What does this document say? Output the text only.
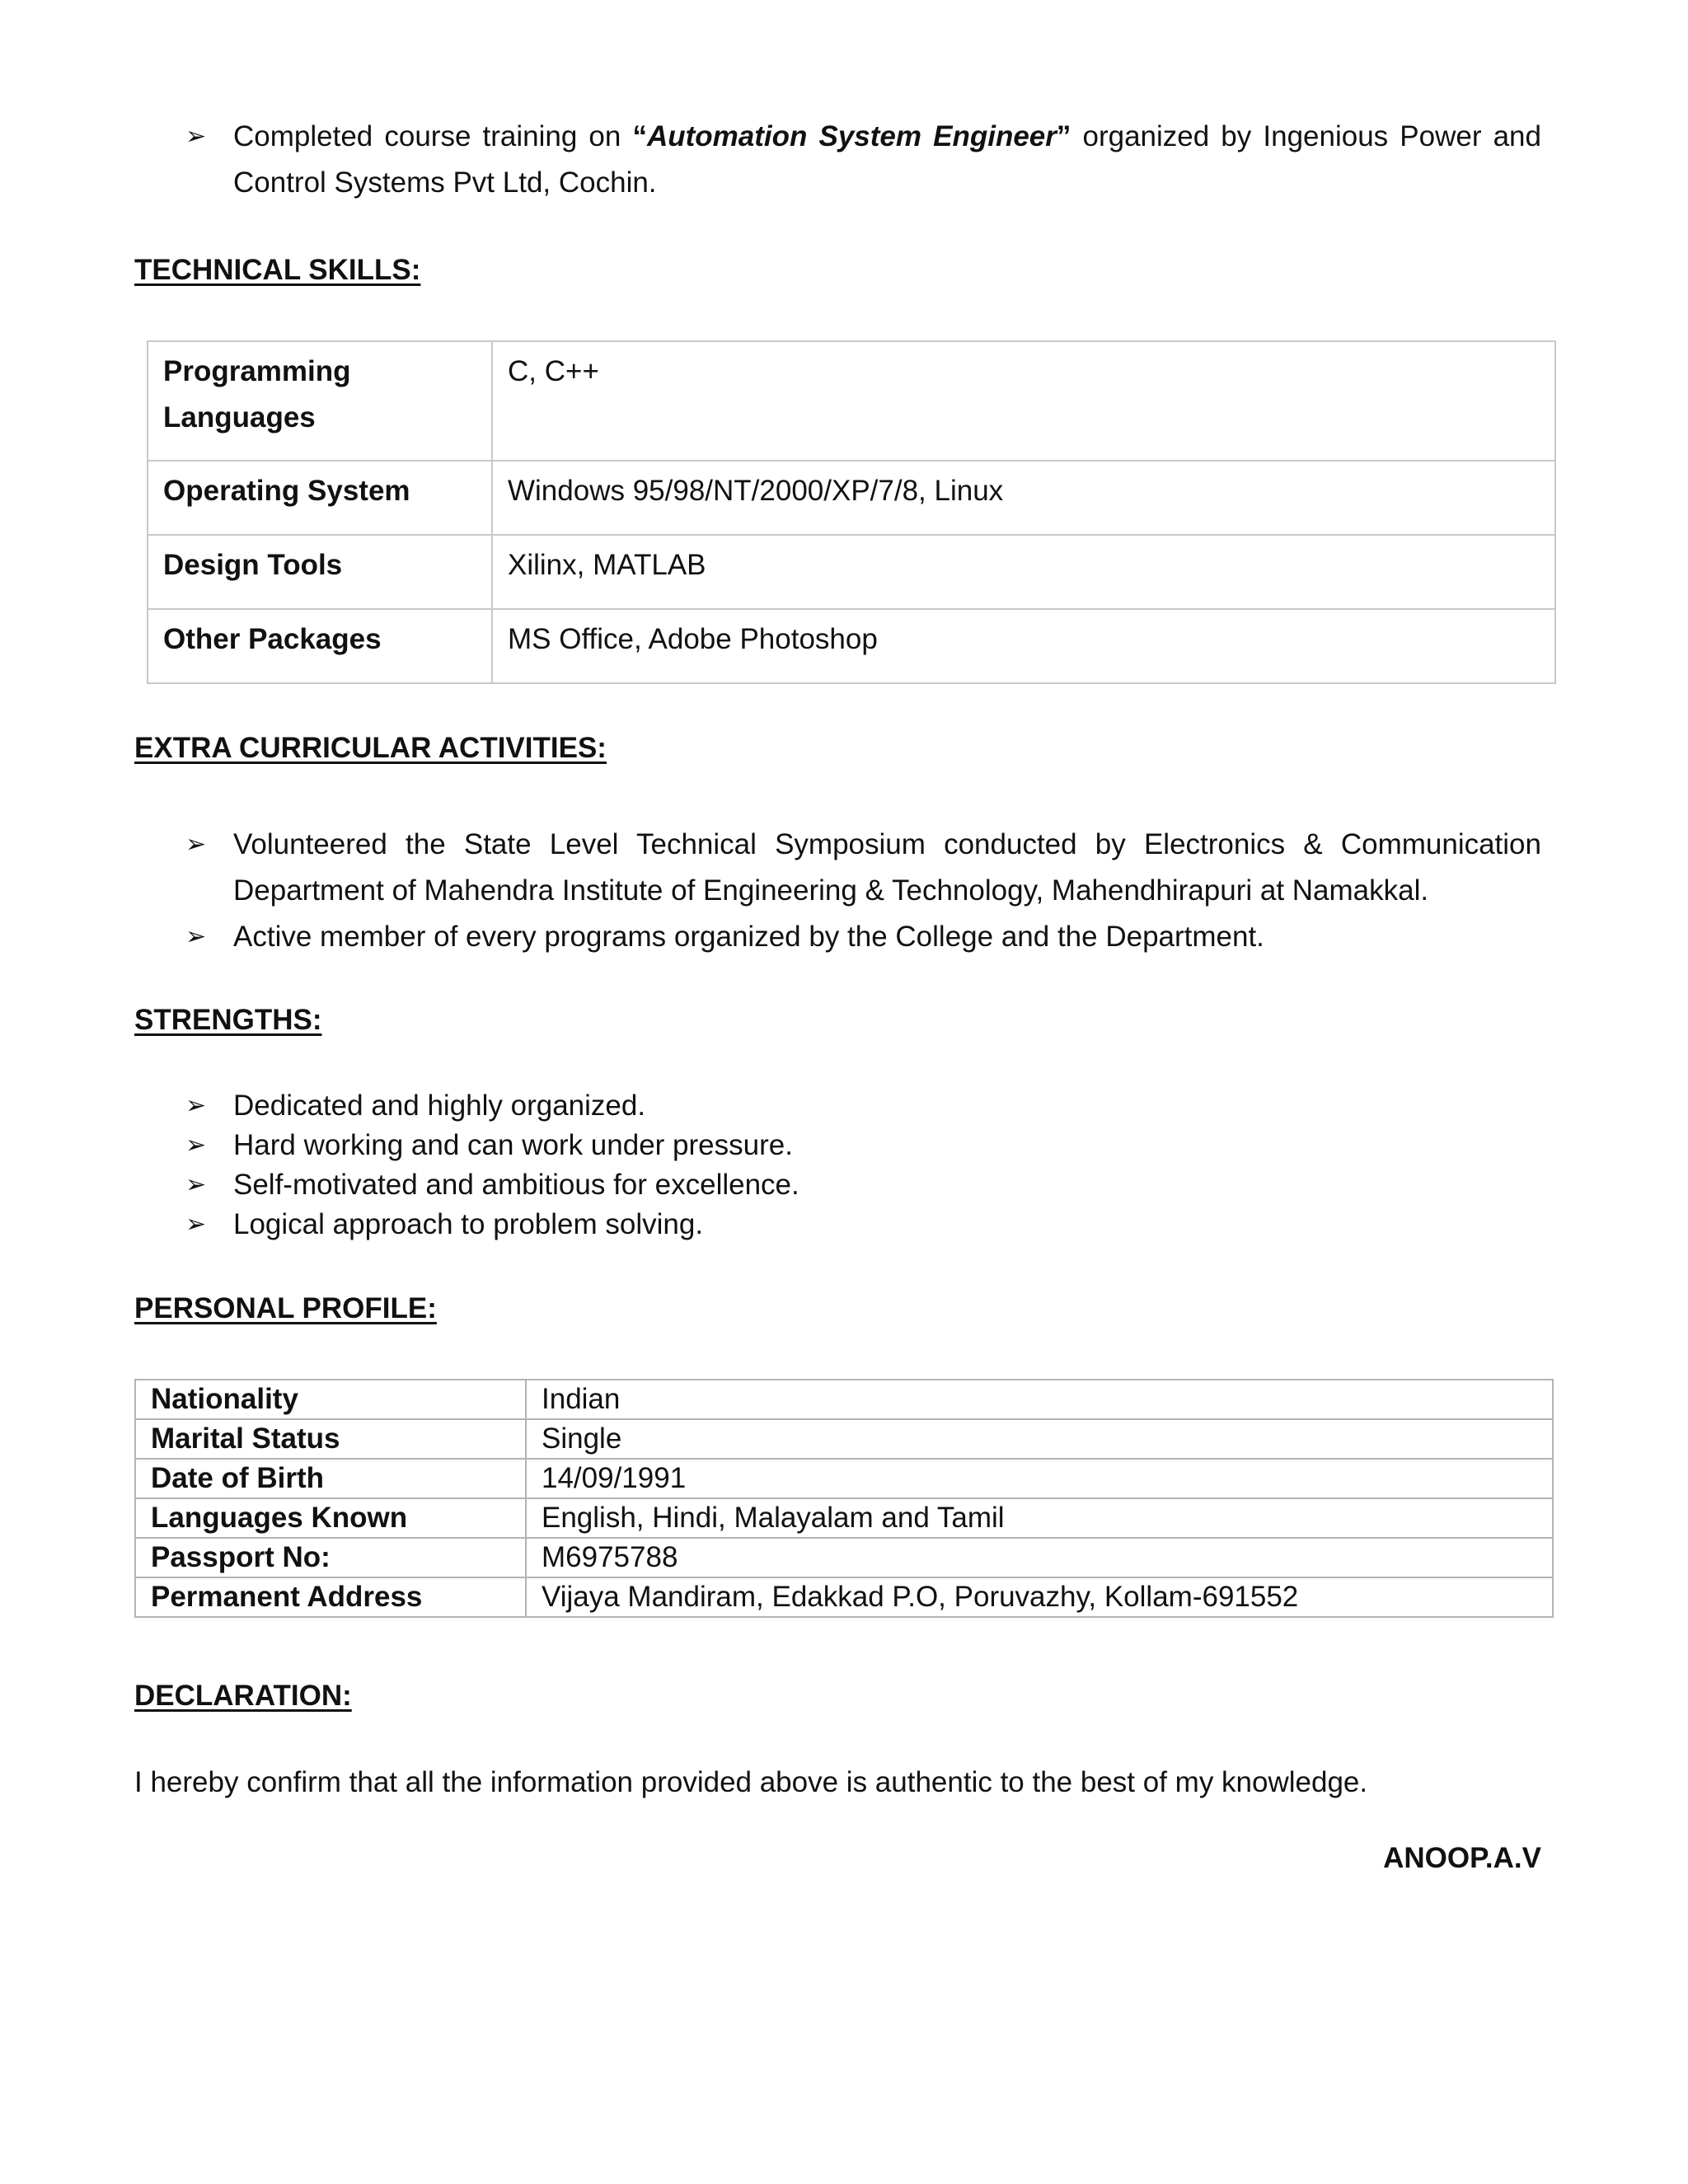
➢ Completed course training on “Automation System Engineer” organized by Ingenious Power and Control Systems Pvt Ltd, Cochin.
TECHNICAL SKILLS:
Programming Languages	C, C++
Operating System	Windows 95/98/NT/2000/XP/7/8, Linux
Design Tools	Xilinx, MATLAB
Other Packages	MS Office, Adobe Photoshop
EXTRA CURRICULAR ACTIVITIES:
➢ Volunteered the State Level Technical Symposium conducted by Electronics & Communication Department of Mahendra Institute of Engineering & Technology, Mahendhirapuri at Namakkal.
➢ Active member of every programs organized by the College and the Department.
STRENGTHS:
➢ Dedicated and highly organized.
➢ Hard working and can work under pressure.
➢ Self-motivated and ambitious for excellence.
➢ Logical approach to problem solving.
PERSONAL PROFILE:
Nationality	Indian
Marital Status	Single
Date of Birth	14/09/1991
Languages Known	English, Hindi, Malayalam and Tamil
Passport No:	M6975788
Permanent Address	Vijaya Mandiram, Edakkad P.O, Poruvazhy, Kollam-691552
DECLARATION:
I hereby confirm that all the information provided above is authentic to the best of my knowledge.
ANOOP.A.V
